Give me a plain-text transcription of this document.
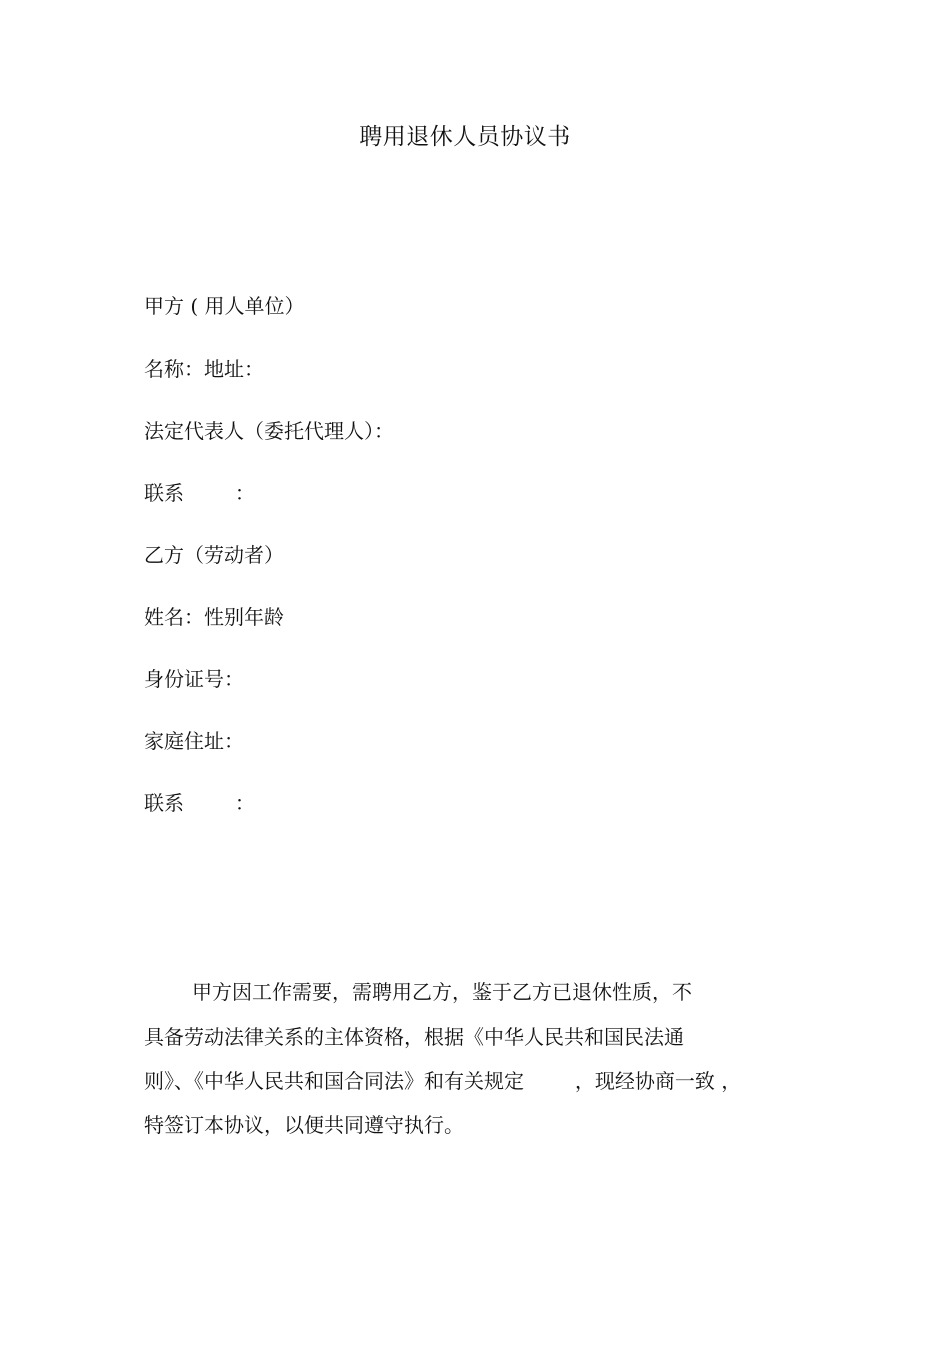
聘用退休人员协议书

甲方 ( 用人单位）

名称：地址：

法定代表人（委托代理人）：

联系        ：

乙方（劳动者）

姓名：性别年龄

身份证号：

家庭住址：

联系        ：

甲方因工作需要，需聘用乙方，鉴于乙方已退休性质，不
具备劳动法律关系的主体资格，根据《中华人民共和国民法通
则》、《中华人民共和国合同法》和有关规定        ，现经协商一致 ，
特签订本协议，以便共同遵守执行。
